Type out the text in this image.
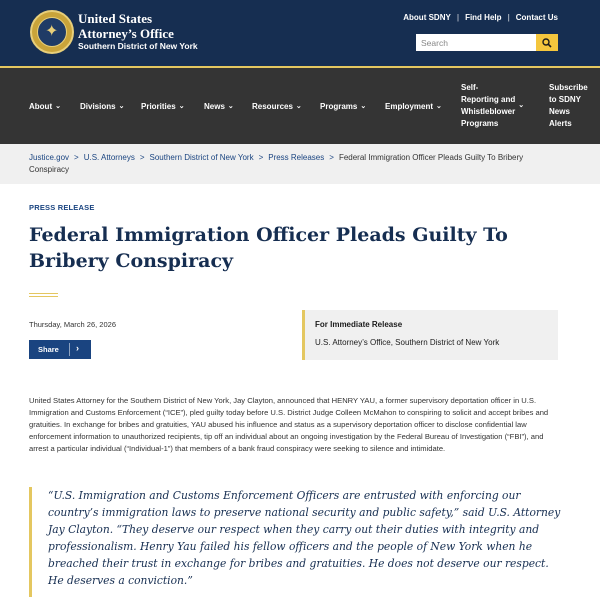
✦
United States
Attorney’s Office
Southern District of New York
About SDNY | Find Help | Contact Us
Search
About ⌄ Divisions ⌄ Priorities ⌄ News ⌄ Resources ⌄ Programs ⌄ Employment ⌄
Self-
Reporting and
Whistleblower
Programs
⌄
Subscribe
to SDNY
News
Alerts
Justice.gov > U.S. Attorneys > Southern District of New York > Press Releases > Federal Immigration Officer Pleads Guilty To Bribery Conspiracy
PRESS RELEASE
Federal Immigration Officer Pleads Guilty To Bribery Conspiracy
Thursday, March 26, 2026
Share ›
For Immediate Release
U.S. Attorney’s Office, Southern District of New York

United States Attorney for the Southern District of New York, Jay Clayton, announced that HENRY YAU, a former supervisory deportation officer in U.S. Immigration and Customs Enforcement (“ICE”), pled guilty today before U.S. District Judge Colleen McMahon to conspiring to solicit and accept bribes and gratuities. In exchange for bribes and gratuities, YAU abused his influence and status as a supervisory deportation officer to disclose confidential law enforcement information to unauthorized recipients, tip off an individual about an ongoing investigation by the Federal Bureau of Investigation (“FBI”), and arrest a particular individual (“Individual-1”) that members of a bank fraud conspiracy were seeking to silence and intimidate.

“U.S. Immigration and Customs Enforcement Officers are entrusted with enforcing our country’s immigration laws to preserve national security and public safety,” said U.S. Attorney Jay Clayton. “They deserve our respect when they carry out their duties with integrity and professionalism. Henry Yau failed his fellow officers and the people of New York when he breached their trust in exchange for bribes and gratuities. He does not deserve our respect. He deserves a conviction.”
